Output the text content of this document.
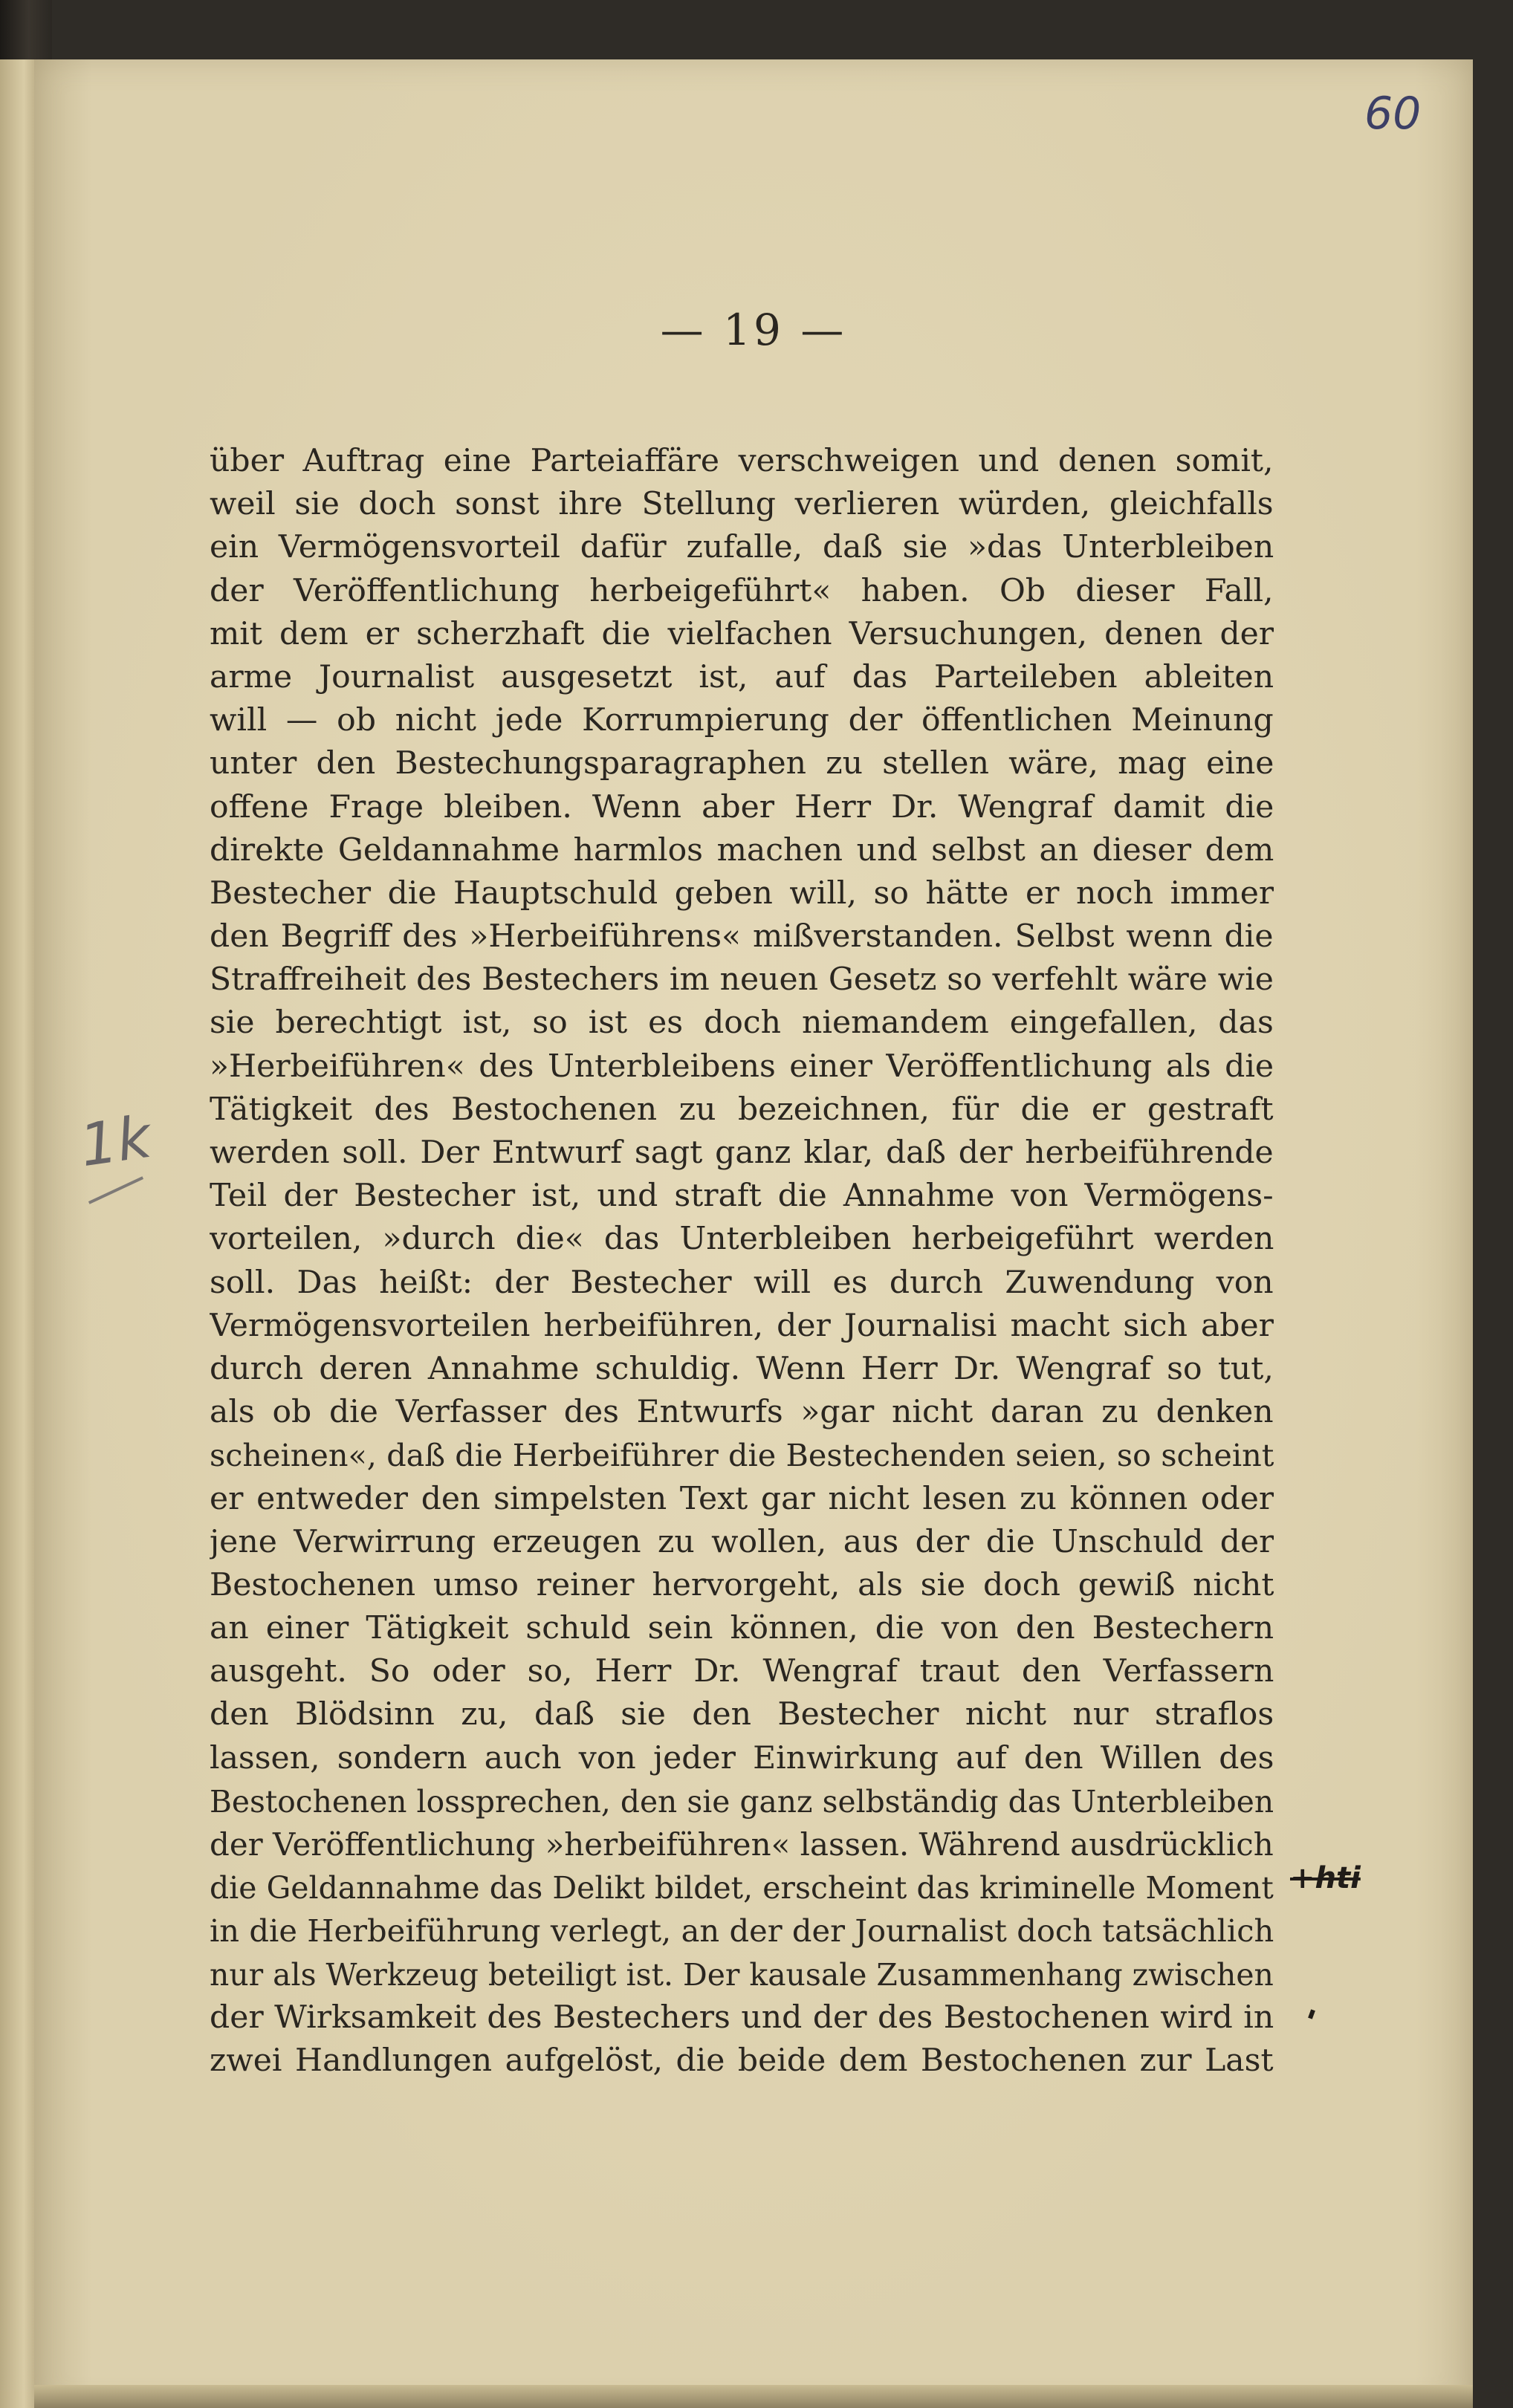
60
— 19 —

über Auftrag eine Parteiaffäre verschweigen und denen somit,

weil sie doch sonst ihre Stellung verlieren würden, gleichfalls

ein Vermögensvorteil dafür zufalle, daß sie »das Unterbleiben

der Veröffentlichung herbeigeführt« haben. Ob dieser Fall,

mit dem er scherzhaft die vielfachen Versuchungen, denen der

arme Journalist ausgesetzt ist, auf das Parteileben ableiten

will — ob nicht jede Korrumpierung der öffentlichen Meinung

unter den Bestechungsparagraphen zu stellen wäre, mag eine

offene Frage bleiben. Wenn aber Herr Dr. Wengraf damit die

direkte Geldannahme harmlos machen und selbst an dieser dem

Bestecher die Hauptschuld geben will, so hätte er noch immer

den Begriff des »Herbeiführens« mißverstanden. Selbst wenn die

Straffreiheit des Bestechers im neuen Gesetz so verfehlt wäre wie

sie berechtigt ist, so ist es doch niemandem eingefallen, das

»Herbeiführen« des Unterbleibens einer Veröffentlichung als die

Tätigkeit des Bestochenen zu bezeichnen, für die er gestraft

werden soll. Der Entwurf sagt ganz klar, daß der herbeiführende

Teil der Bestecher ist, und straft die Annahme von Vermögens-

vorteilen, »durch die« das Unterbleiben herbeigeführt werden

soll. Das heißt: der Bestecher will es durch Zuwendung von

Vermögensvorteilen herbeiführen, der Journalisi macht sich aber

durch deren Annahme schuldig. Wenn Herr Dr. Wengraf so tut,

als ob die Verfasser des Entwurfs »gar nicht daran zu denken

scheinen«, daß die Herbeiführer die Bestechenden seien, so scheint

er entweder den simpelsten Text gar nicht lesen zu können oder

jene Verwirrung erzeugen zu wollen, aus der die Unschuld der

Bestochenen umso reiner hervorgeht, als sie doch gewiß nicht

an einer Tätigkeit schuld sein können, die von den Bestechern

ausgeht. So oder so, Herr Dr. Wengraf traut den Verfassern

den Blödsinn zu, daß sie den Bestecher nicht nur straflos

lassen, sondern auch von jeder Einwirkung auf den Willen des

Bestochenen lossprechen, den sie ganz selbständig das Unterbleiben

der Veröffentlichung »herbeiführen« lassen. Während ausdrücklich

die Geldannahme das Delikt bildet, erscheint das kriminelle Moment

in die Herbeiführung verlegt, an der der Journalist doch tatsächlich

nur als Werkzeug beteiligt ist. Der kausale Zusammenhang zwischen

der Wirksamkeit des Bestechers und der des Bestochenen wird in

zwei Handlungen aufgelöst, die beide dem Bestochenen zur Last

1k
+hti
